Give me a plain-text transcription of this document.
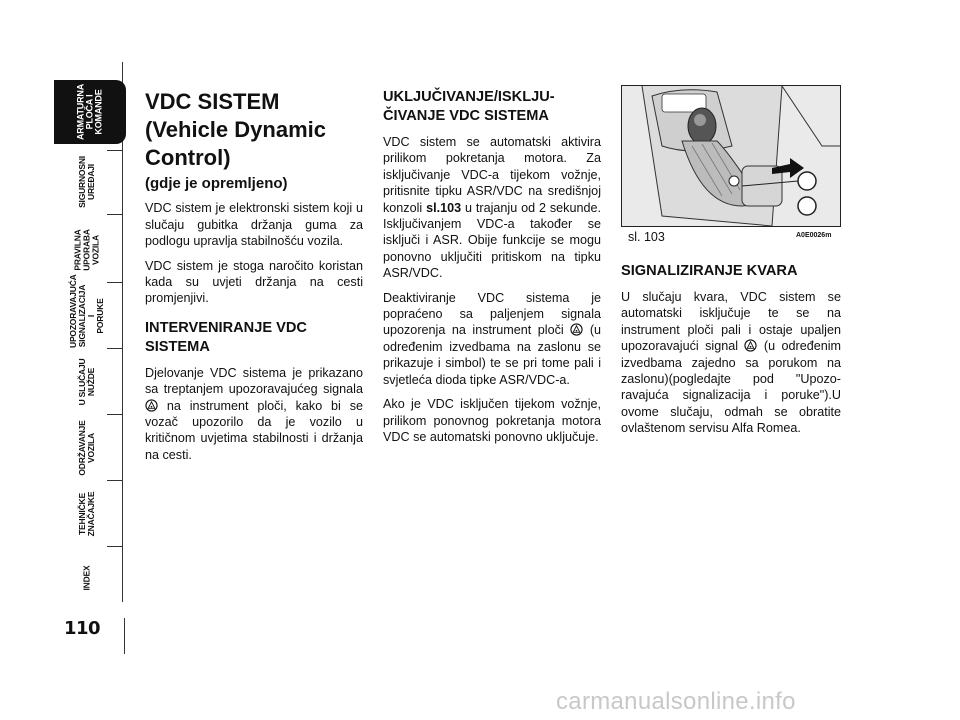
ARMATURNA
PLOČA I
KOMANDE
SIGURNOSNI
UREĐAJI
PRAVILNA
UPORABA
VOZILA
UPOZORAVAJUĆA
SIGNALIZACIJA I
PORUKE
U SLUČAJU
NUŽDE
ODRŽAVANJE
VOZILA
TEHNIČKE
ZNAČAJKE
INDEX
110
VDC SISTEM
(Vehicle Dynamic
Control)
(gdje je opremljeno)

VDC sistem je elektronski sistem koji u slučaju gubitka držanja guma za podlogu upravlja stabilnošću vozila.

VDC sistem je stoga naročito koristan kada su uvjeti držanja na cesti promjenjivi.

INTERVENIRANJE VDC SISTEMA

Djelovanje VDC sistema je prikazano sa treptanjem upozoravajućeg signala  na instrument ploči, kako bi se vozač upozorilo da je vozilo u kritičnom uvjetima stabilnosti i držanja na cesti.

UKLJUČIVANJE/ISKLJU-ČIVANJE VDC SISTEMA

VDC sistem se automatski aktivira prilikom pokretanja motora. Za isključivanje VDC-a tijekom vožnje, pritisnite tipku ASR/VDC na središnjoj konzoli sl.103 u trajanju od 2 sekunde. Isključivanjem VDC-a također se isključi i ASR. Obije funkcije se mogu ponovno uključiti pritiskom na tipku ASR/VDC.

Deaktiviranje VDC sistema je popraćeno sa paljenjem signala upozorenja na instrument ploči (u određenim izvedbama na zaslonu se prikazuje i simbol) te se pri tome pali i svjetleća dioda tipke ASR/VDC-a.

Ako je VDC isključen tijekom vožnje, prilikom ponovnog pokretanja motora VDC se automatski ponovno uključuje.

sl. 103	A0E0026m
SIGNALIZIRANJE KVARA

U slučaju kvara, VDC sistem se automatski isključuje te se na instrument ploči pali i ostaje upaljen upozoravajući signal (u određenim izvedbama zajedno sa porukom na zaslonu)(pogledajte pod "Upozo-ravajuća signalizacija i poruke").U ovome slučaju, odmah se obratite ovlaštenom servisu Alfa Romea.

carmanualsonline.info
